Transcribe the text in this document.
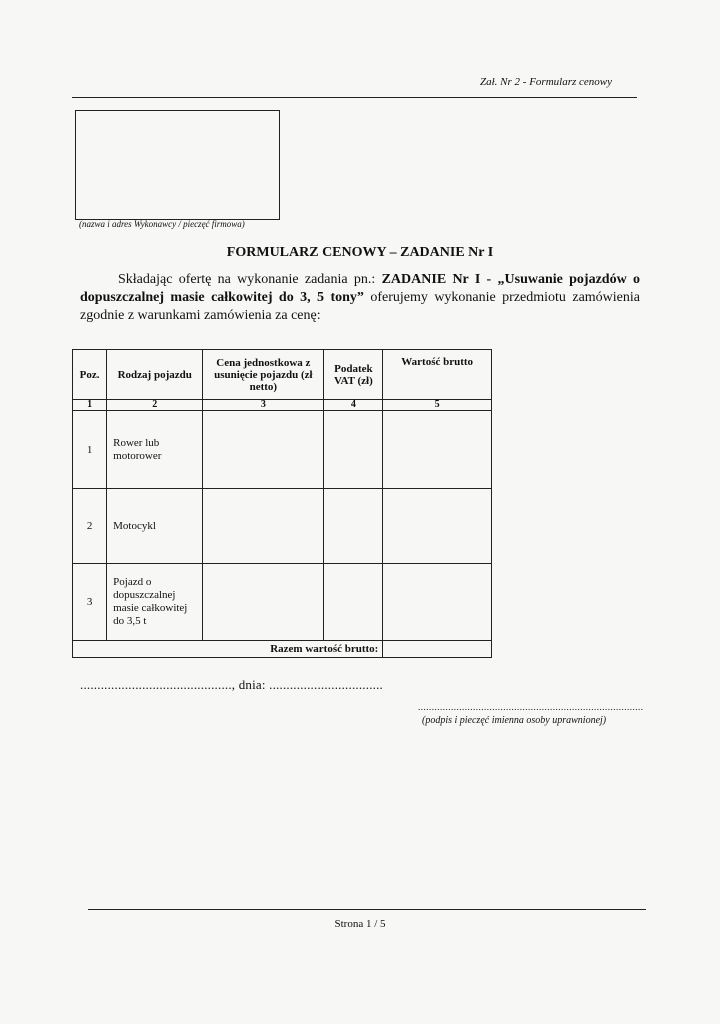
Zał. Nr 2 - Formularz cenowy
(nazwa i adres Wykonawcy / pieczęć firmowa)
FORMULARZ CENOWY – ZADANIE Nr I
Składając ofertę na wykonanie zadania pn.: ZADANIE Nr I - „Usuwanie pojazdów o dopuszczalnej masie całkowitej do 3, 5 tony” oferujemy wykonanie przedmiotu zamówienia zgodnie z warunkami zamówienia za cenę:
Poz.	Rodzaj pojazdu	Cena jednostkowa z usunięcie pojazdu (zł netto)	Podatek VAT (zł)	Wartość brutto
1	2	3	4	5
1	Rower lub motorower			
2	Motocykl			
3	Pojazd o dopuszczalnej masie całkowitej do 3,5 t			
Razem wartość brutto:				
............................................, dnia: .................................
..................................................................................
(podpis i pieczęć imienna osoby uprawnionej)
Strona 1 / 5
